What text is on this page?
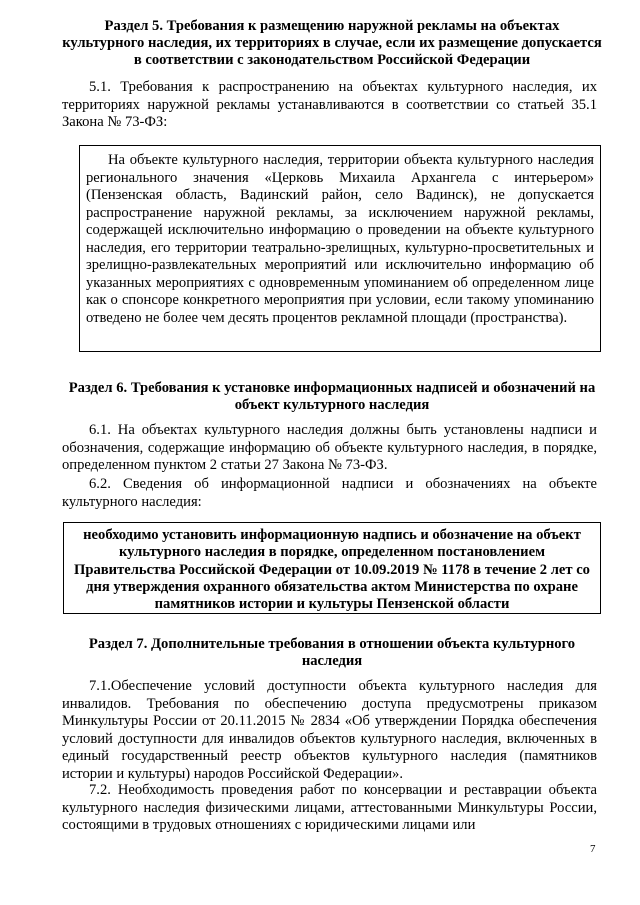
Раздел 5. Требования к размещению наружной рекламы на объектах культурного наследия, их территориях в случае, если их размещение допускается в соответствии с законодательством Российской Федерации
5.1. Требования к распространению на объектах культурного наследия, их территориях наружной рекламы устанавливаются в соответствии со статьей 35.1 Закона № 73-ФЗ:
На объекте культурного наследия, территории объекта культурного наследия регионального значения «Церковь Михаила Архангела с интерьером» (Пензенская область, Вадинский район, село Вадинск), не допускается распространение наружной рекламы, за исключением наружной рекламы, содержащей исключительно информацию о проведении на объекте культурного наследия, его территории театрально-зрелищных, культурно-просветительных и зрелищно-развлекательных мероприятий или исключительно информацию об указанных мероприятиях с одновременным упоминанием об определенном лице как о спонсоре конкретного мероприятия при условии, если такому упоминанию отведено не более чем десять процентов рекламной площади (пространства).
Раздел 6. Требования к установке информационных надписей и обозначений на объект культурного наследия
6.1. На объектах культурного наследия должны быть установлены надписи и обозначения, содержащие информацию об объекте культурного наследия, в порядке, определенном пунктом 2 статьи 27 Закона № 73-ФЗ.
6.2. Сведения об информационной надписи и обозначениях на объекте культурного наследия:
необходимо установить информационную надпись и обозначение на объект культурного наследия в порядке, определенном постановлением Правительства Российской Федерации от 10.09.2019 № 1178 в течение 2 лет со дня утверждения охранного обязательства актом Министерства по охране памятников истории и культуры Пензенской области
Раздел 7. Дополнительные требования в отношении объекта культурного наследия
7.1.Обеспечение условий доступности объекта культурного наследия для инвалидов. Требования по обеспечению доступа предусмотрены приказом Минкультуры России от 20.11.2015 № 2834 «Об утверждении Порядка обеспечения условий доступности для инвалидов объектов культурного наследия, включенных в единый государственный реестр объектов культурного наследия (памятников истории и культуры) народов Российской Федерации».
7.2. Необходимость проведения работ по консервации и реставрации объекта культурного наследия физическими лицами, аттестованными Минкультуры России, состоящими в трудовых отношениях с юридическими лицами или
7
